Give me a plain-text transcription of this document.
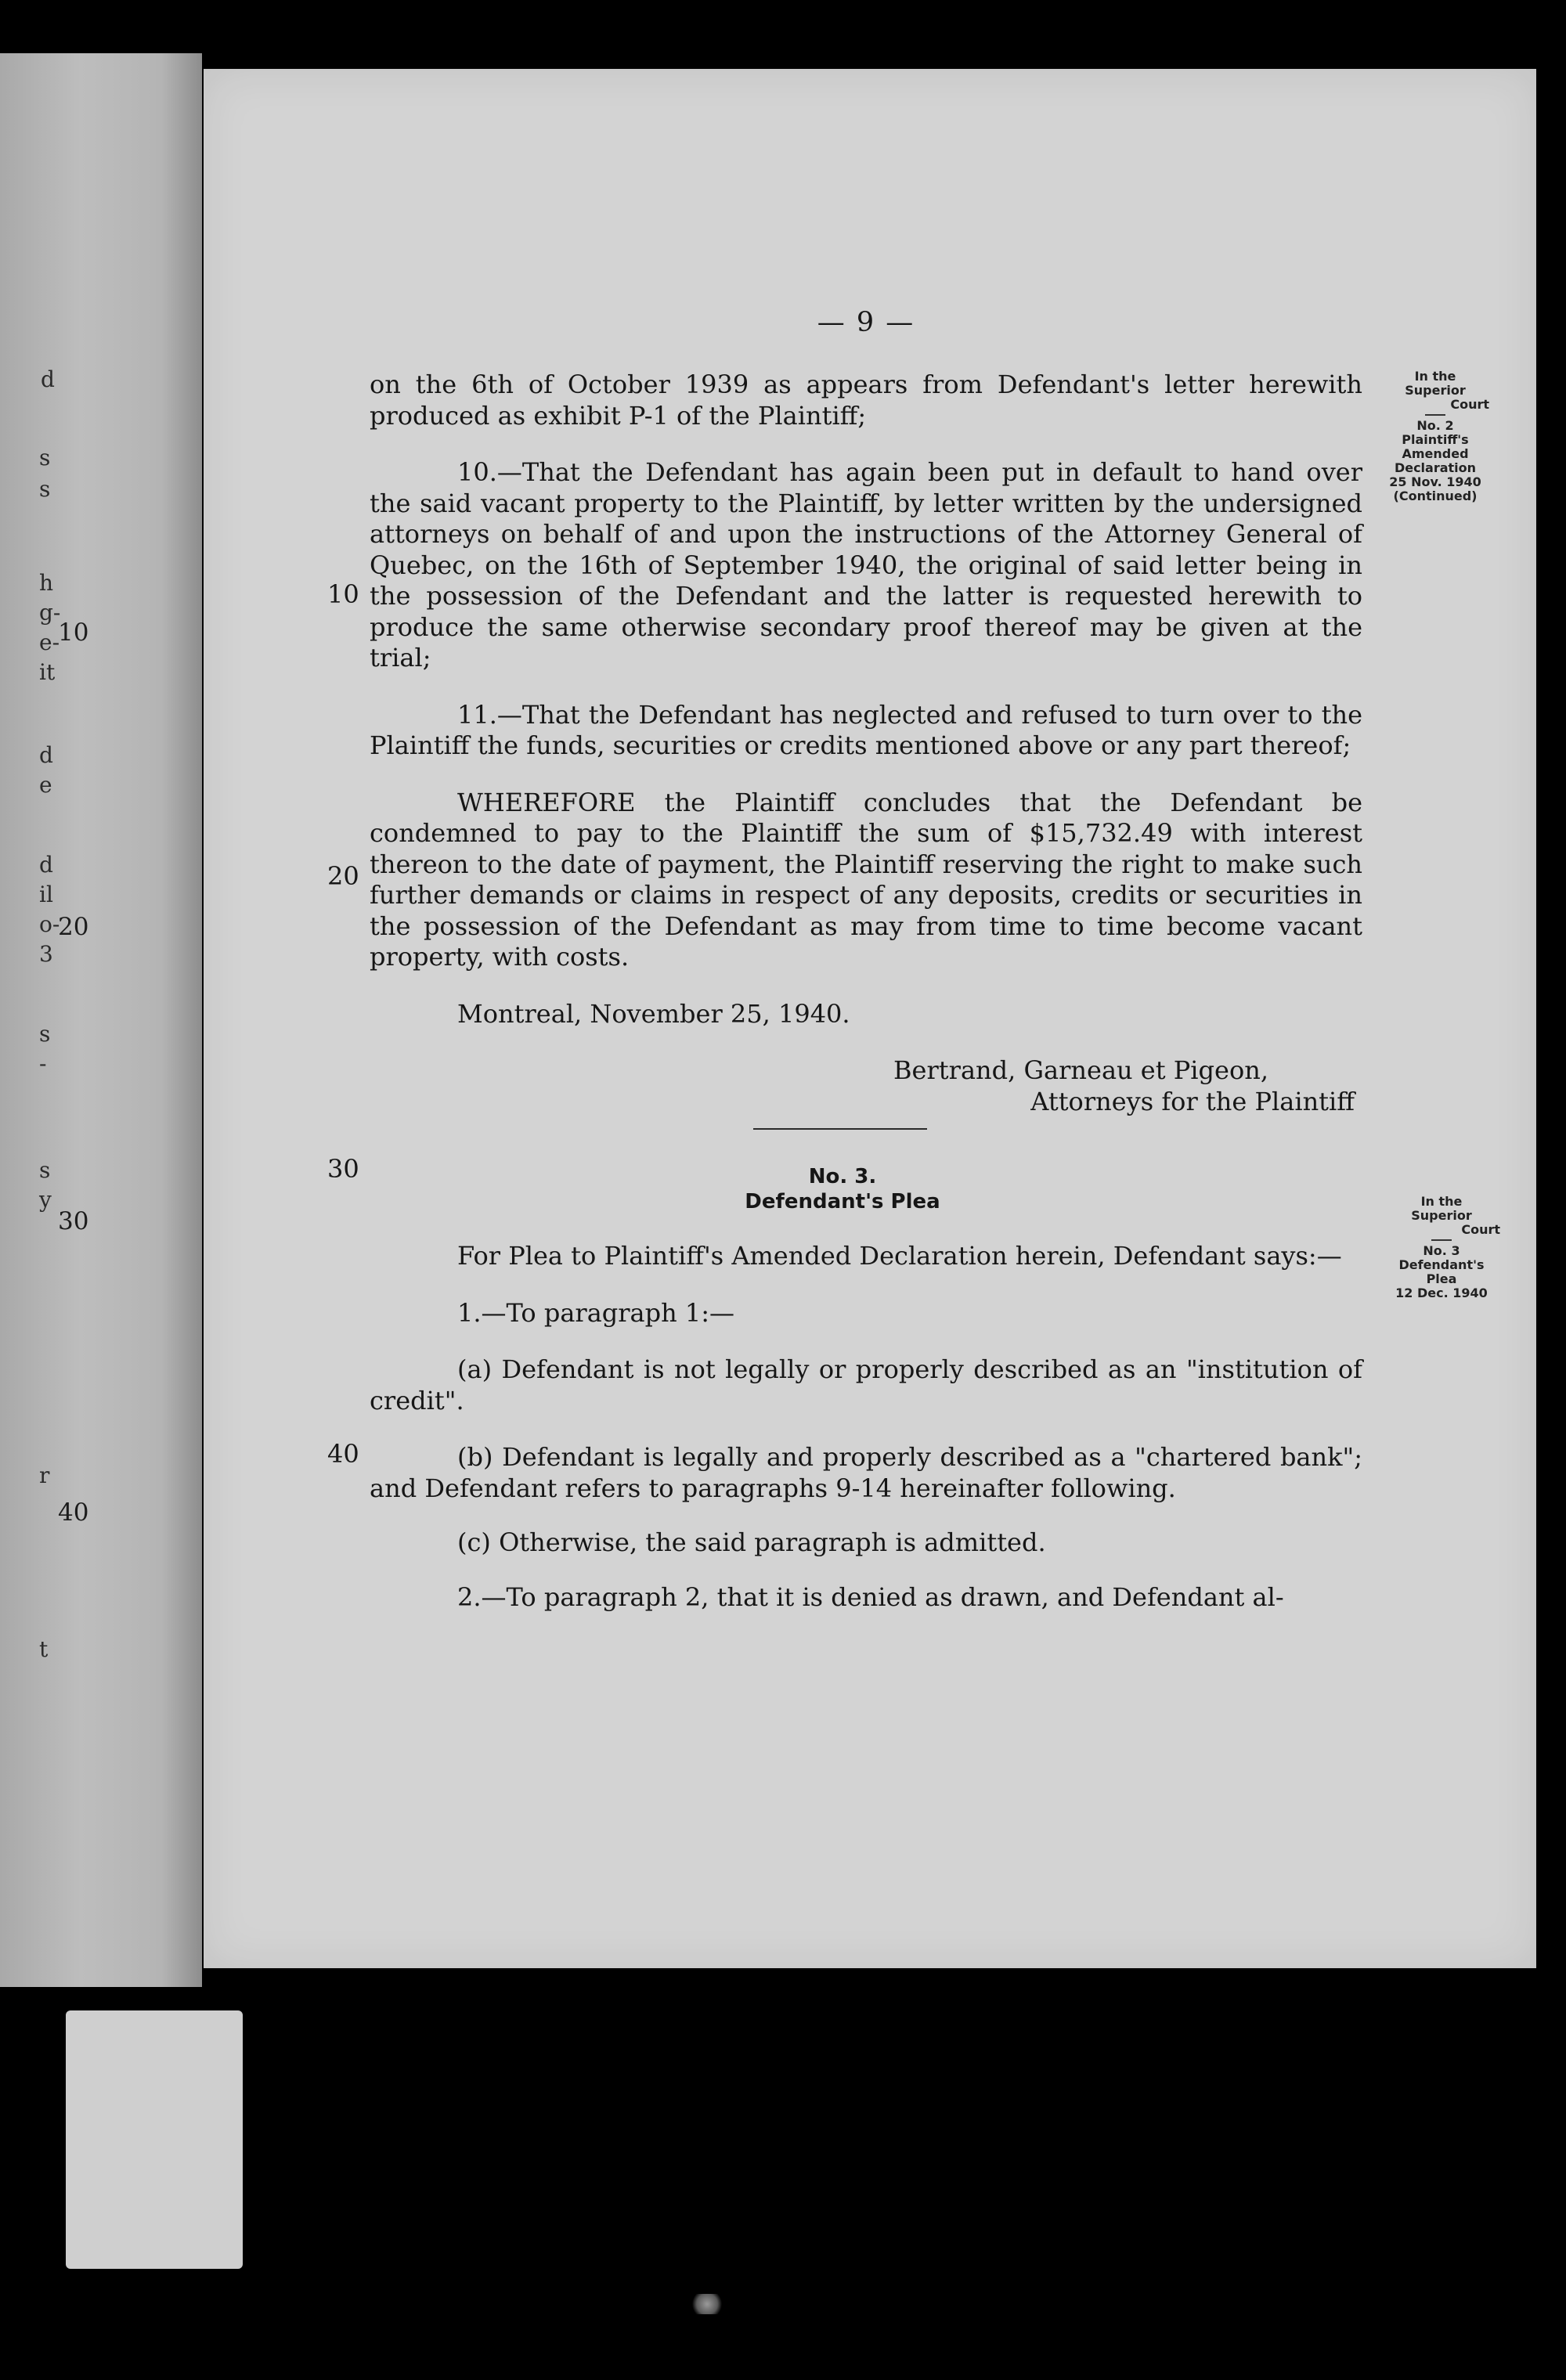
d
s
s
h
g-
e-
it
d
e
d
il
o-
3
s
-
s
y
r
t
10
20
30
40
— 9 —
10
20
30
40

on the 6th of October 1939 as appears from Defendant's letter herewith produced as exhibit P-1 of the Plaintiff;

10.—That the Defendant has again been put in default to hand over the said vacant property to the Plaintiff, by letter written by the undersigned attorneys on behalf of and upon the instructions of the Attorney General of Quebec, on the 16th of September 1940, the original of said letter being in the possession of the Defendant and the latter is requested herewith to produce the same otherwise secondary proof thereof may be given at the trial;

11.—That the Defendant has neglected and refused to turn over to the Plaintiff the funds, securities or credits mentioned above or any part thereof;

WHEREFORE the Plaintiff concludes that the Defendant be condemned to pay to the Plaintiff the sum of $15,732.49 with interest thereon to the date of payment, the Plaintiff reserving the right to make such further demands or claims in respect of any deposits, credits or securities in the possession of the Defendant as may from time to time become vacant property, with costs.

Montreal, November 25, 1940.

Bertrand, Garneau et Pigeon,

Attorneys for the Plaintiff

No. 3.
Defendant's Plea

For Plea to Plaintiff's Amended Declaration herein, Defendant says:—

1.—To paragraph 1:—

(a) Defendant is not legally or properly described as an "institution of credit".

(b) Defendant is legally and properly described as a "chartered bank"; and Defendant refers to paragraphs 9-14 hereinafter following.

(c) Otherwise, the said paragraph is admitted.

2.—To paragraph 2, that it is denied as drawn, and Defendant al-

In the
Superior
Court
No. 2
Plaintiff's
Amended
Declaration
25 Nov. 1940
(Continued)
In the
Superior
Court
No. 3
Defendant's
Plea
12 Dec. 1940
